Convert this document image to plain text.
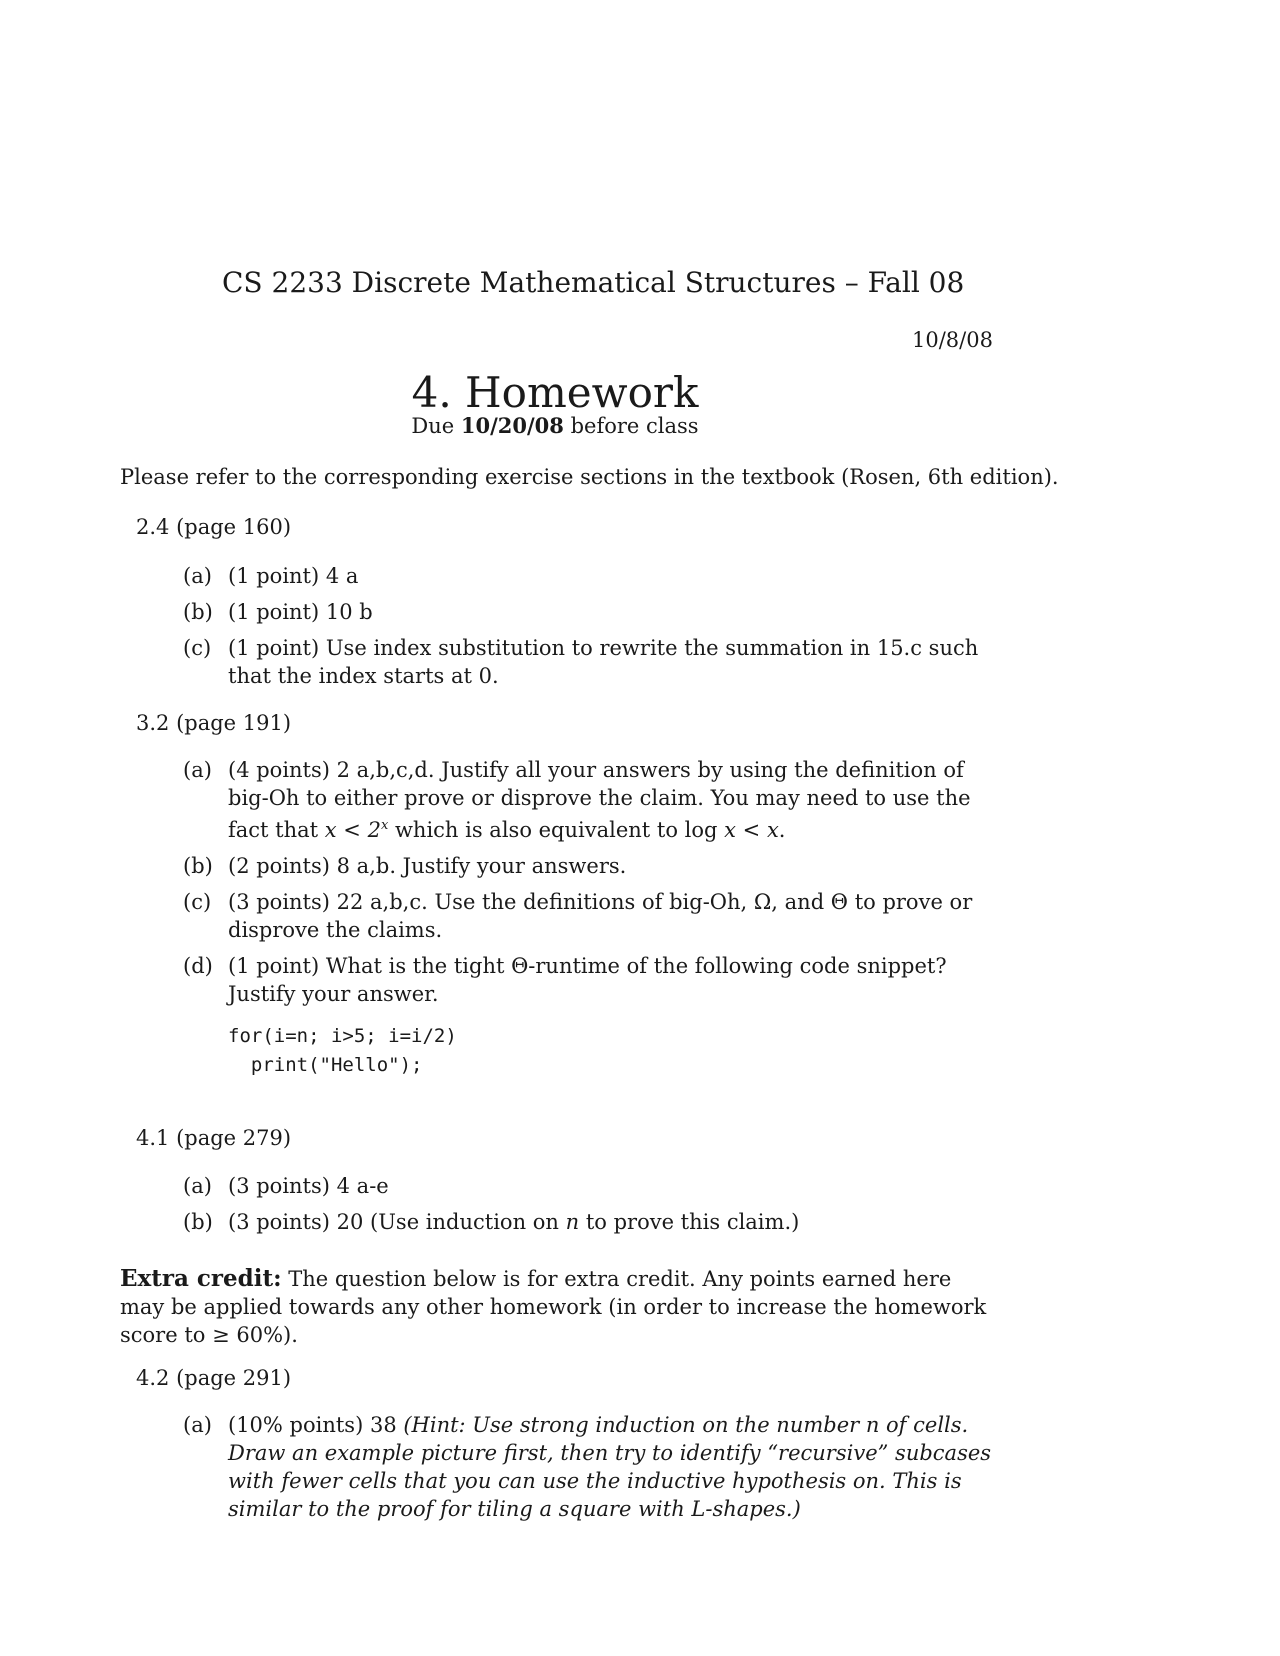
CS 2233 Discrete Mathematical Structures – Fall 08
10/8/08
4. Homework
Due 10/20/08 before class
Please refer to the corresponding exercise sections in the textbook (Rosen, 6th edition).
2.4 (page 160)
(a) (1 point) 4 a
(b) (1 point) 10 b
(c) (1 point) Use index substitution to rewrite the summation in 15.c such that the index starts at 0.
3.2 (page 191)
(a) (4 points) 2 a,b,c,d. Justify all your answers by using the definition of big-Oh to either prove or disprove the claim. You may need to use the fact that $x < 2^x$ which is also equivalent to log x < x.
(b) (2 points) 8 a,b. Justify your answers.
(c) (3 points) 22 a,b,c. Use the definitions of big-Oh, Ω, and Θ to prove or disprove the claims.
(d) (1 point) What is the tight Θ-runtime of the following code snippet? Justify your answer.
for(i=n; i>5; i=i/2)
print("Hello");
4.1 (page 279)
(a) (3 points) 4 a-e
(b) (3 points) 20 (Use induction on n to prove this claim.)
Extra credit: The question below is for extra credit. Any points earned here may be applied towards any other homework (in order to increase the homework score to ≥ 60%).
4.2 (page 291)
(a) (10% points) 38 (Hint: Use strong induction on the number n of cells. Draw an example picture first, then try to identify “recursive” subcases with fewer cells that you can use the inductive hypothesis on. This is similar to the proof for tiling a square with L-shapes.)
